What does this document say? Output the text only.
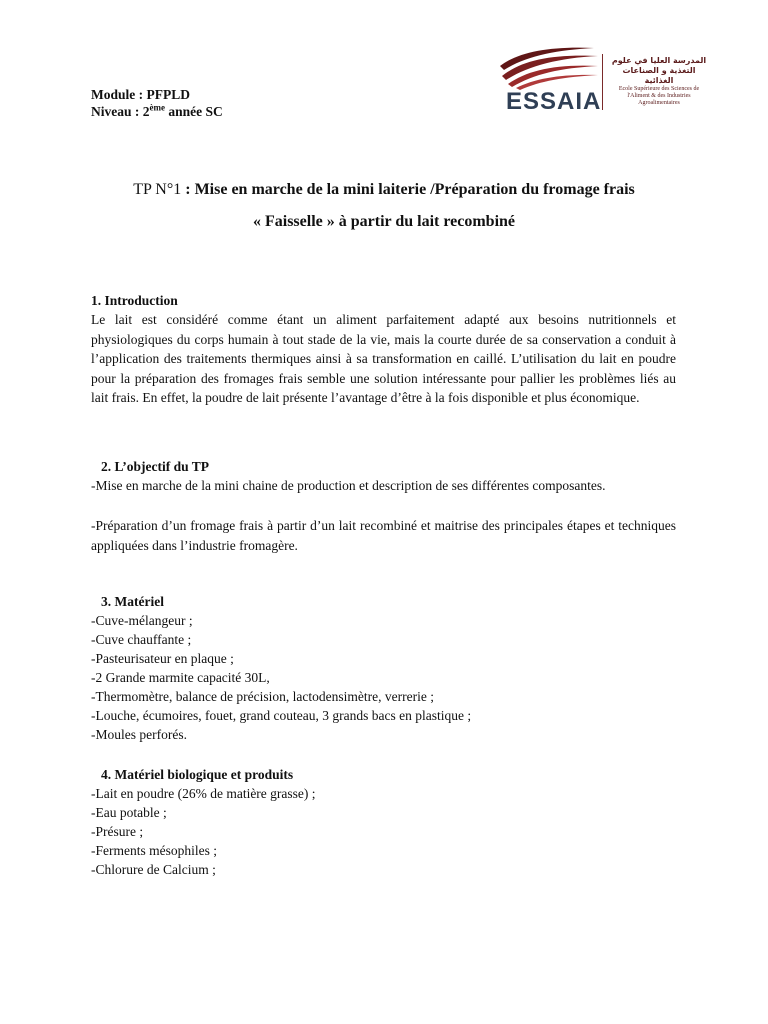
Module : PFPLD
Niveau : 2ème année SC	ESSAIA
المدرسة العليا في علوم التغذية و الصناعات الغذائية
Ecole Supérieure des Sciences de l'Aliment & des Industries Agroalimentaires
TP N°1 : Mise en marche de la mini laiterie /Préparation du fromage frais
« Faisselle » à partir du lait recombiné
1. Introduction
Le lait est considéré comme étant un aliment parfaitement adapté aux besoins nutritionnels et physiologiques du corps humain à tout stade de la vie, mais la courte durée de sa conservation a conduit à l’application des traitements thermiques ainsi à sa transformation en caillé. L’utilisation du lait en poudre pour la préparation des fromages frais semble une solution intéressante pour pallier les problèmes liés au lait frais. En effet, la poudre de lait présente l’avantage d’être à la fois disponible et plus économique.
2. L’objectif du TP
-Mise en marche de la mini chaine de production et description de ses différentes composantes.
-Préparation d’un fromage frais à partir d’un lait recombiné et maitrise des principales étapes et techniques appliquées dans l’industrie fromagère.
3. Matériel
-Cuve-mélangeur ;
-Cuve chauffante ;
-Pasteurisateur en plaque ;
-2 Grande marmite capacité 30L,
-Thermomètre, balance de précision, lactodensimètre, verrerie ;
-Louche, écumoires, fouet, grand couteau, 3 grands bacs en plastique ;
-Moules perforés.
4. Matériel biologique et produits
-Lait en poudre (26% de matière grasse) ;
-Eau potable ;
-Présure ;
-Ferments mésophiles ;
-Chlorure de Calcium ;
